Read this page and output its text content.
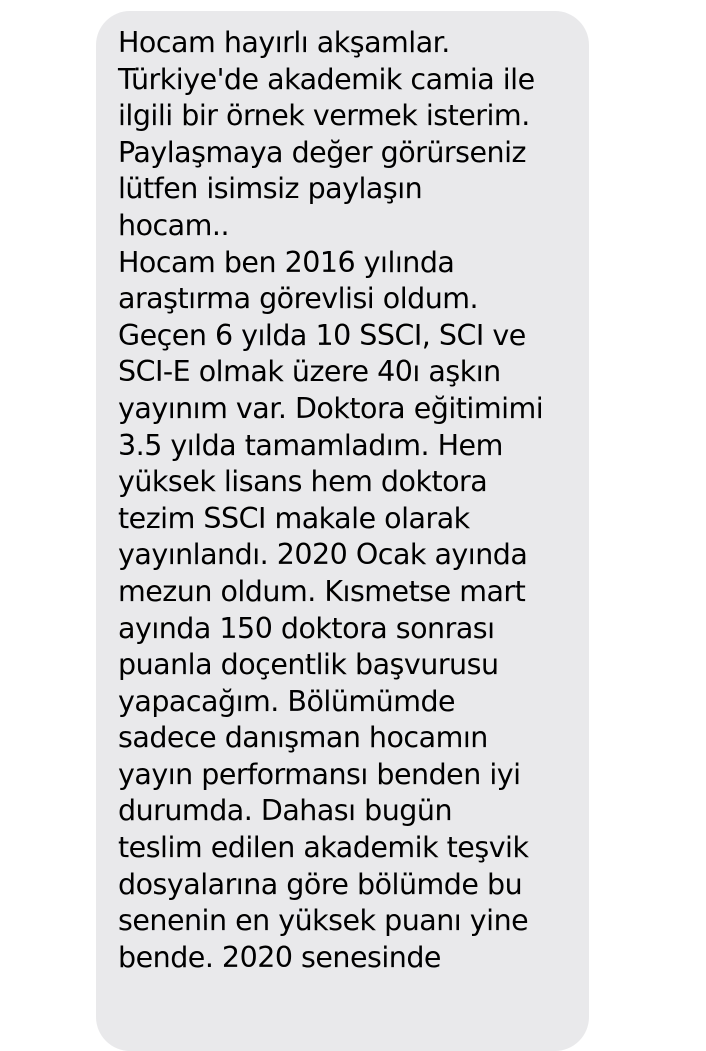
Hocam hayırlı akşamlar.
Türkiye'de akademik camia ile
ilgili bir örnek vermek isterim.
Paylaşmaya değer görürseniz
lütfen isimsiz paylaşın
hocam..
Hocam ben 2016 yılında
araştırma görevlisi oldum.
Geçen 6 yılda 10 SSCI, SCI ve
SCI-E olmak üzere 40ı aşkın
yayınım var. Doktora eğitimimi
3.5 yılda tamamladım. Hem
yüksek lisans hem doktora
tezim SSCI makale olarak
yayınlandı. 2020 Ocak ayında
mezun oldum. Kısmetse mart
ayında 150 doktora sonrası
puanla doçentlik başvurusu
yapacağım. Bölümümde
sadece danışman hocamın
yayın performansı benden iyi
durumda. Dahası bugün
teslim edilen akademik teşvik
dosyalarına göre bölümde bu
senenin en yüksek puanı yine
bende. 2020 senesinde
